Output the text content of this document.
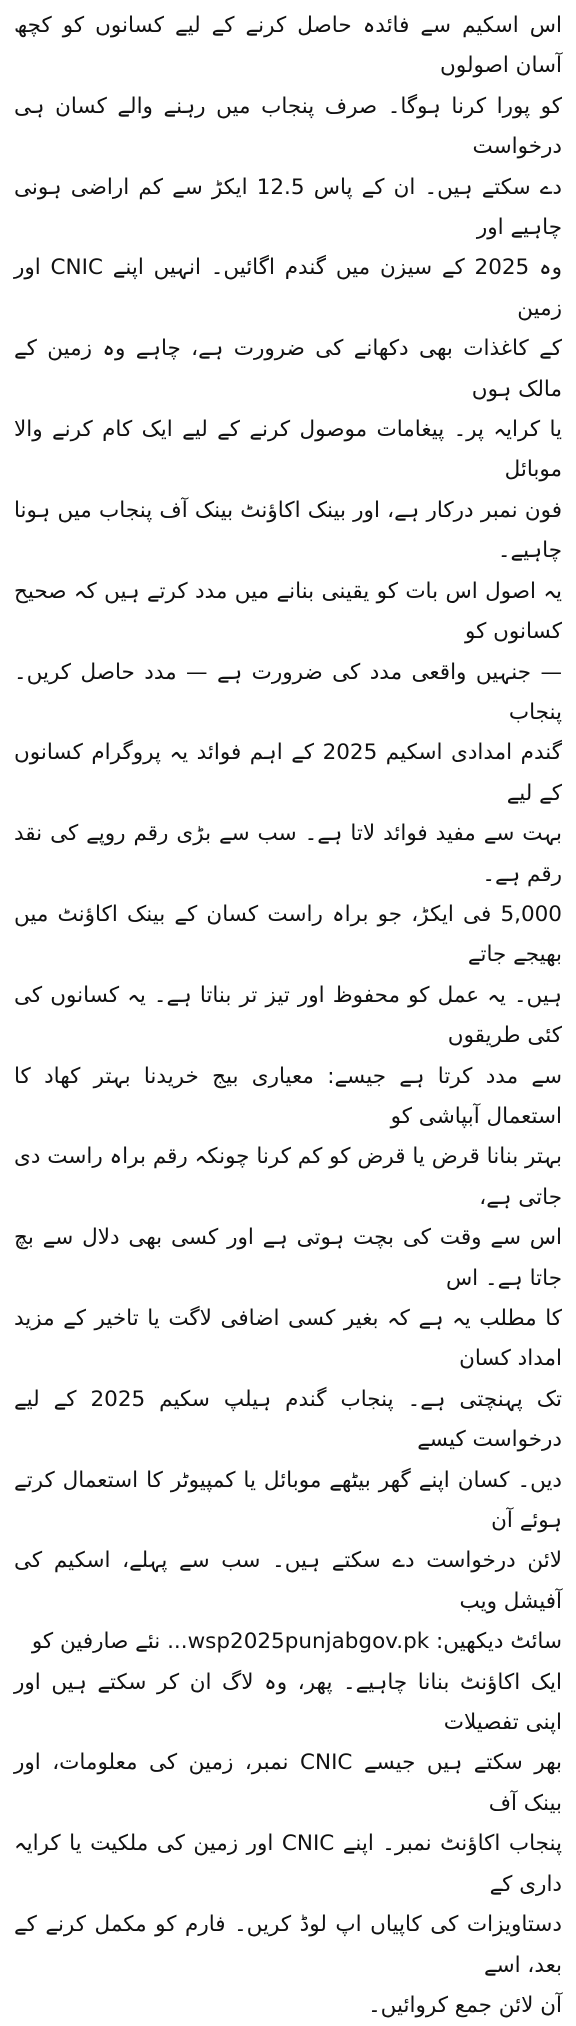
اس اسکیم سے فائدہ حاصل کرنے کے لیے کسانوں کو کچھ آسان اصولوں
کو پورا کرنا ہوگا۔ صرف پنجاب میں رہنے والے کسان ہی درخواست
دے سکتے ہیں۔ ان کے پاس 12.5 ایکڑ سے کم اراضی ہونی چاہیے اور
وہ 2025 کے سیزن میں گندم اگائیں۔ انہیں اپنے CNIC اور زمین
کے کاغذات بھی دکھانے کی ضرورت ہے، چاہے وہ زمین کے مالک ہوں
یا کرایہ پر۔ پیغامات موصول کرنے کے لیے ایک کام کرنے والا موبائل
فون نمبر درکار ہے، اور بینک اکاؤنٹ بینک آف پنجاب میں ہونا چاہیے۔
یہ اصول اس بات کو یقینی بنانے میں مدد کرتے ہیں کہ صحیح کسانوں کو
— جنہیں واقعی مدد کی ضرورت ہے — مدد حاصل کریں۔ پنجاب
گندم امدادی اسکیم 2025 کے اہم فوائد یہ پروگرام کسانوں کے لیے
بہت سے مفید فوائد لاتا ہے۔ سب سے بڑی رقم روپے کی نقد رقم ہے۔
5,000 فی ایکڑ، جو براہ راست کسان کے بینک اکاؤنٹ میں بھیجے جاتے
ہیں۔ یہ عمل کو محفوظ اور تیز تر بناتا ہے۔ یہ کسانوں کی کئی طریقوں
سے مدد کرتا ہے جیسے: معیاری بیج خریدنا بہتر کھاد کا استعمال آبپاشی کو
بہتر بنانا قرض یا قرض کو کم کرنا چونکہ رقم براہ راست دی جاتی ہے،
اس سے وقت کی بچت ہوتی ہے اور کسی بھی دلال سے بچ جاتا ہے۔ اس
کا مطلب یہ ہے کہ بغیر کسی اضافی لاگت یا تاخیر کے مزید امداد کسان
تک پہنچتی ہے۔ پنجاب گندم ہیلپ سکیم 2025 کے لیے درخواست کیسے
دیں۔ کسان اپنے گھر بیٹھے موبائل یا کمپیوٹر کا استعمال کرتے ہوئے آن
لائن درخواست دے سکتے ہیں۔ سب سے پہلے، اسکیم کی آفیشل ویب
سائٹ دیکھیں: wsp2025punjabgov.pk... نئے صارفین کو
ایک اکاؤنٹ بنانا چاہیے۔ پھر، وہ لاگ ان کر سکتے ہیں اور اپنی تفصیلات
بھر سکتے ہیں جیسے CNIC نمبر، زمین کی معلومات، اور بینک آف
پنجاب اکاؤنٹ نمبر۔ اپنے CNIC اور زمین کی ملکیت یا کرایہ داری کے
دستاویزات کی کاپیاں اپ لوڈ کریں۔ فارم کو مکمل کرنے کے بعد، اسے
آن لائن جمع کروائیں۔
